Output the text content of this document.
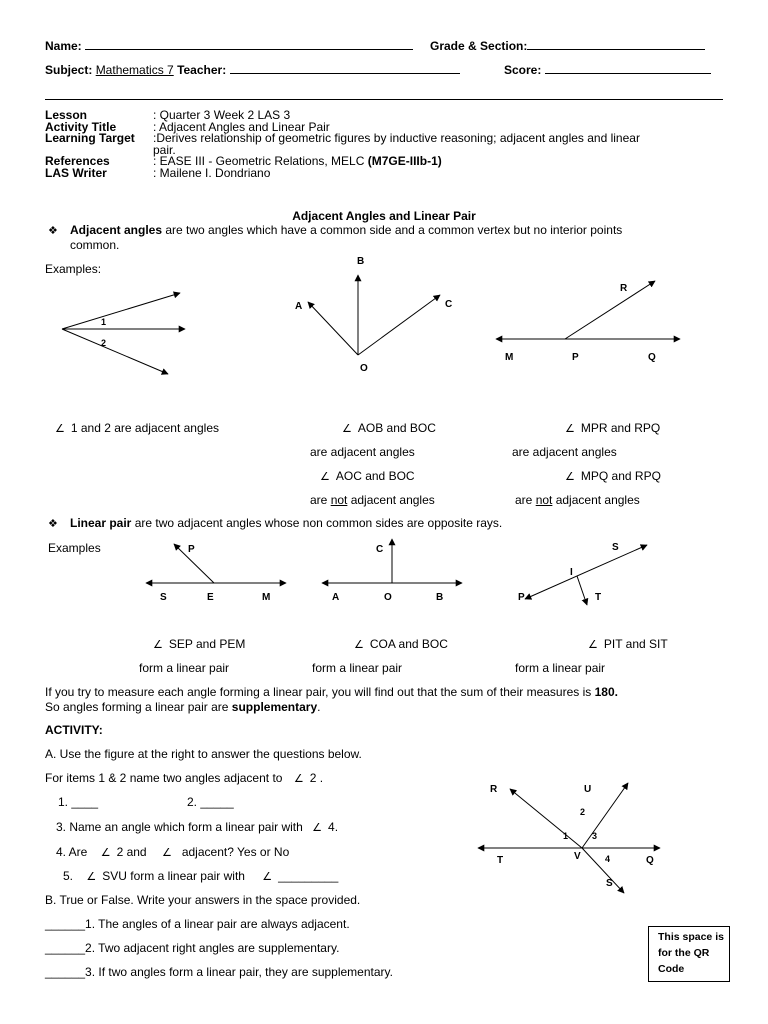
Name:	Grade & Section:
Subject: Mathematics 7 Teacher:	Score:
Lesson	: Quarter 3 Week 2 LAS 3
Activity Title	: Adjacent Angles and Linear Pair
Learning Target :Derives relationship of geometric figures by inductive reasoning; adjacent angles and linear
pair.
References	: EASE III - Geometric Relations, MELC (M7GE-IIIb-1)
LAS Writer	: Mailene I. Dondriano
Adjacent Angles and Linear Pair
❖ Adjacent angles are two angles which have a common side and a common vertex but no interior points
common.
Examples:
1
2
B
A	C
O
R
M	P	Q
∠ 1 and 2 are adjacent angles	∠ AOB and BOC
are adjacent angles
∠ AOC and BOC
are not adjacent angles
∠ MPR and RPQ
are adjacent angles
∠ MPQ and RPQ
are not adjacent angles
❖ Linear pair are two adjacent angles whose non common sides are opposite rays.
Examples	P
S	E	M
C
A	O	B
S
I
P	T
∠ SEP and PEM
form a linear pair
∠ COA and BOC
form a linear pair
∠ PIT and SIT
form a linear pair
If you try to measure each angle forming a linear pair, you will find out that the sum of their measures is 180.
So angles forming a linear pair are supplementary.
ACTIVITY:
A. Use the figure at the right to answer the questions below.
For items 1 & 2 name two angles adjacent to ∠ 2 .
1. ____	2. _____
3. Name an angle which form a linear pair with ∠ 4.
4. Are ∠ 2 and ∠ adjacent? Yes or No
5. ∠ SVU form a linear pair with ∠ _________
R	U
2
1	3
T	V	4	Q
S
B. True or False. Write your answers in the space provided.
______1. The angles of a linear pair are always adjacent.
______2. Two adjacent right angles are supplementary.
______3. If two angles form a linear pair, they are supplementary.
This space is for the QR Code
